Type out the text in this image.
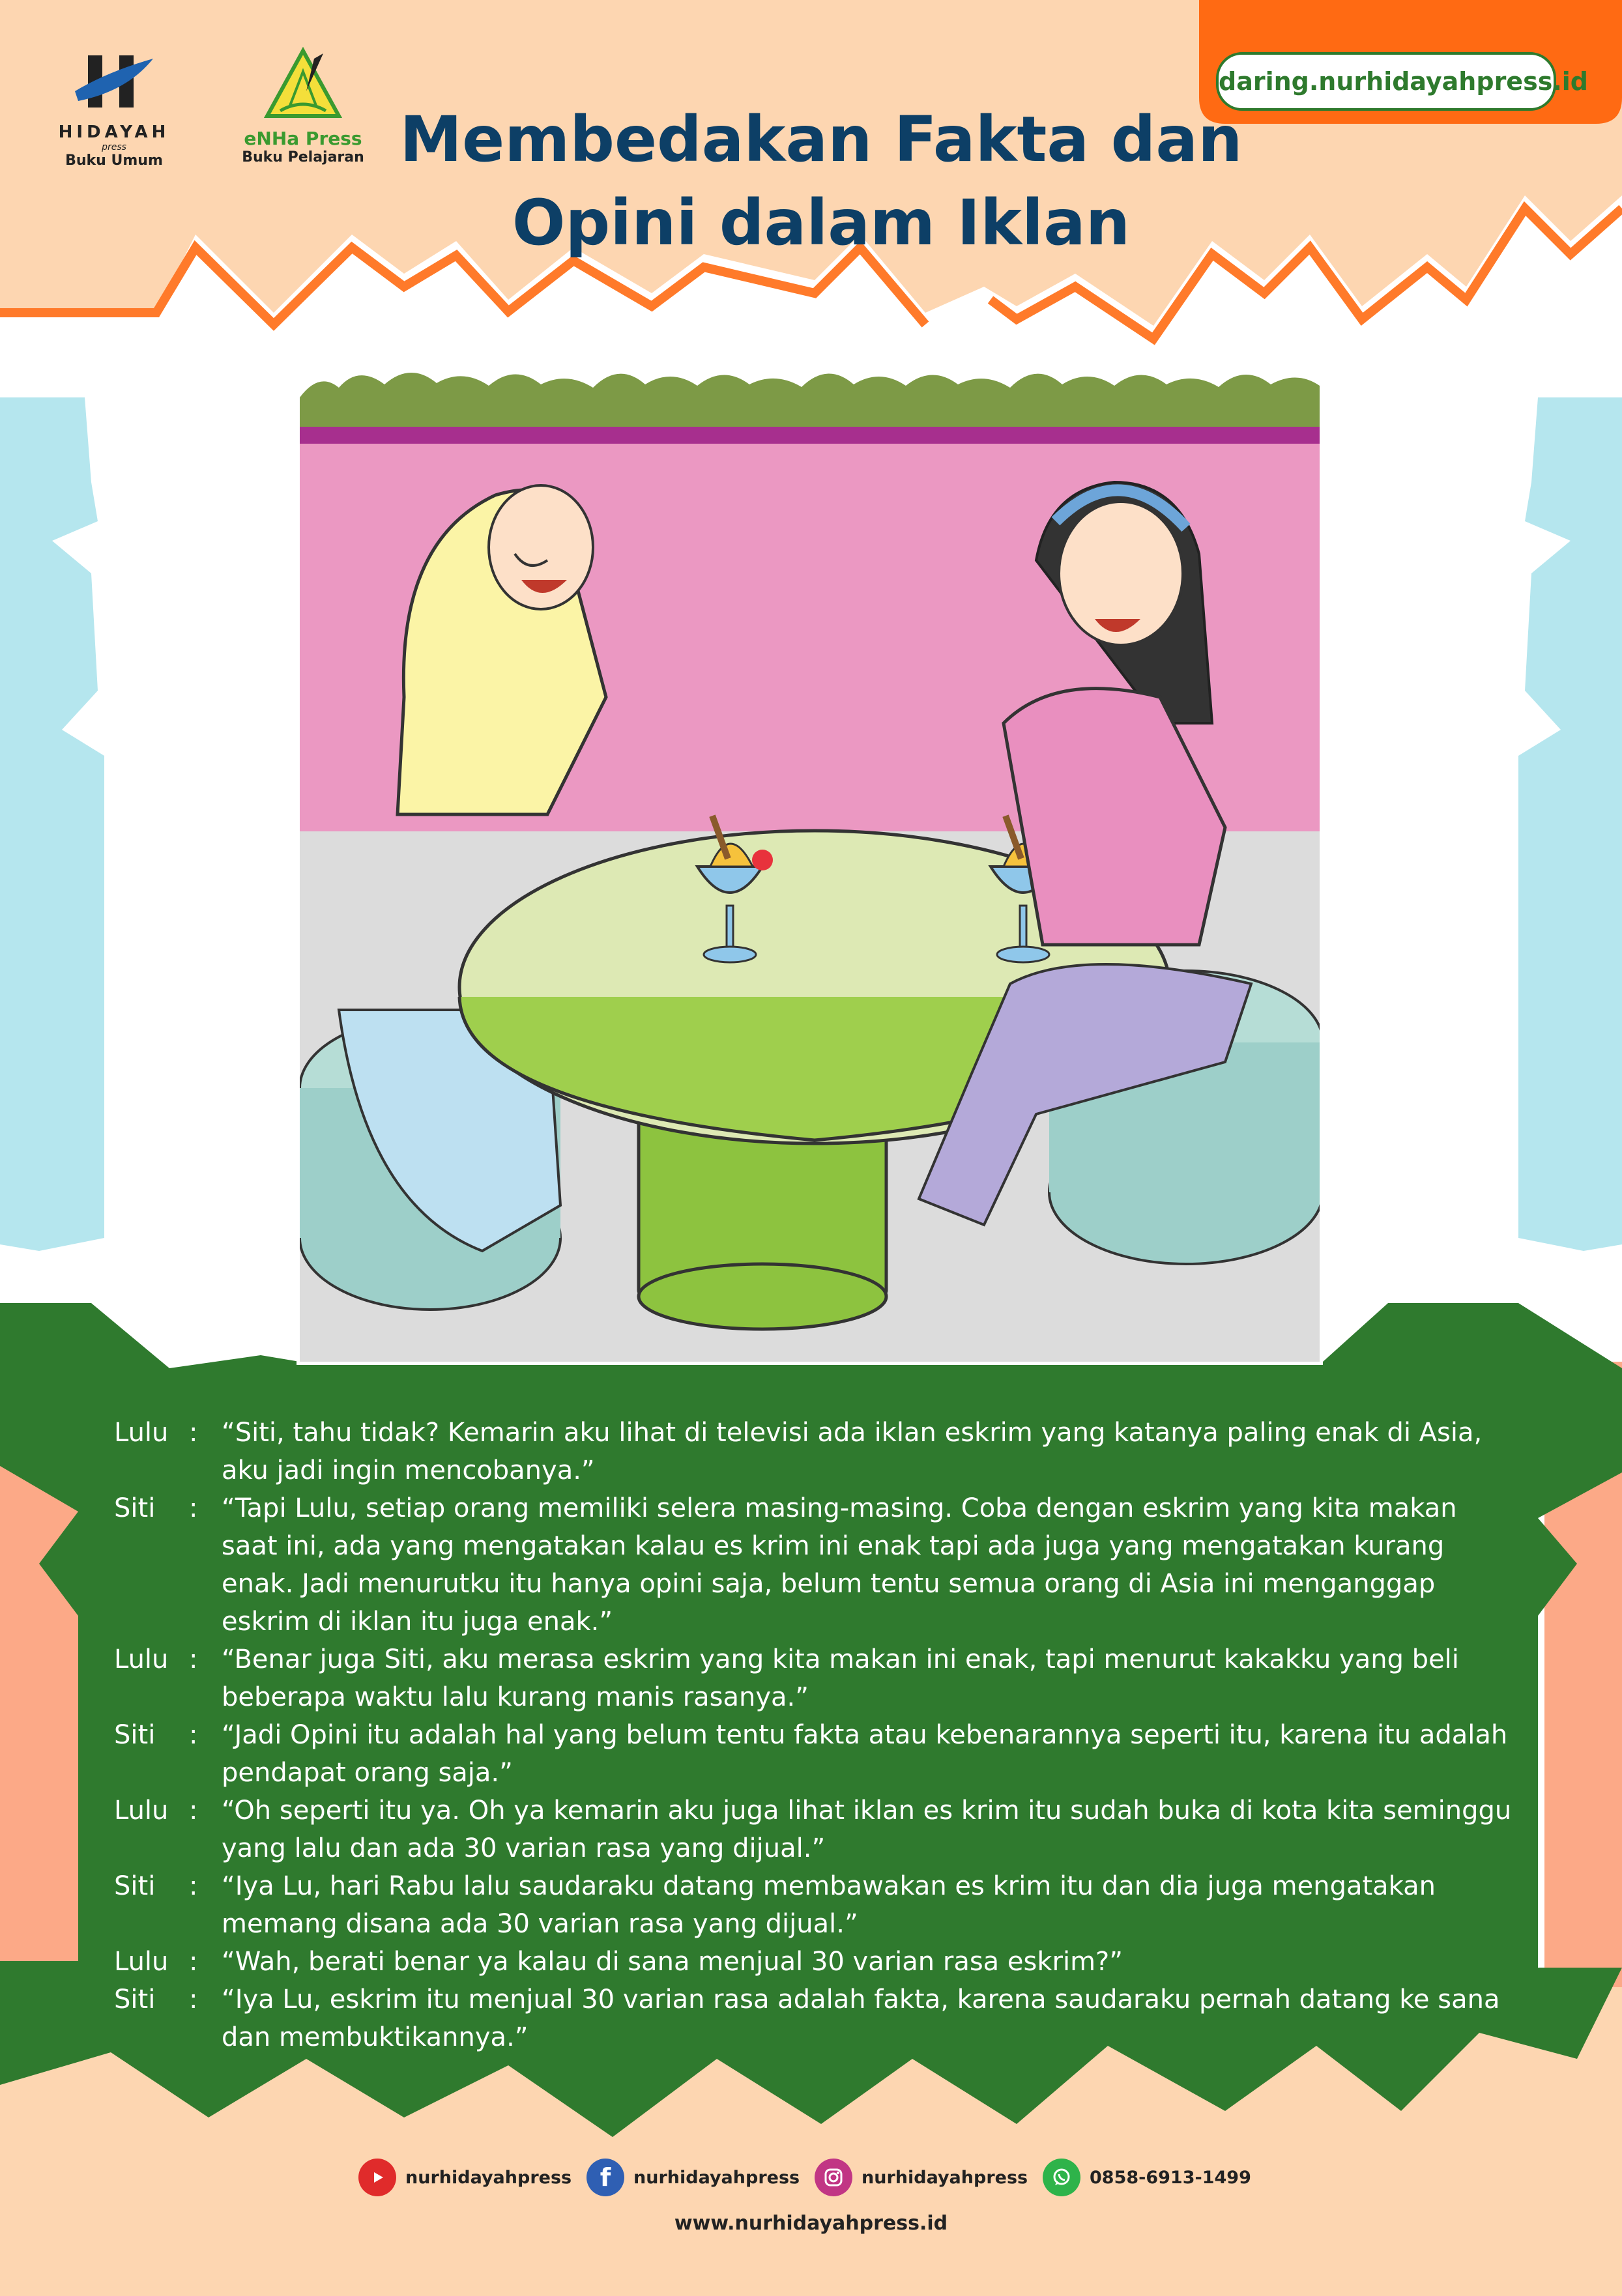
HIDAYAH
press
Buku Umum
eNHa Press
Buku Pelajaran
daring.nurhidayahpress.id
Membedakan Fakta dan
Opini dalam Iklan
Lulu : “Siti, tahu tidak? Kemarin aku lihat di televisi ada iklan eskrim yang katanya paling enak di Asia, aku jadi ingin mencobanya.”
Siti	: “Tapi Lulu, setiap orang memiliki selera masing-masing. Coba dengan eskrim yang kita makan saat ini, ada yang mengatakan kalau es krim ini enak tapi ada juga yang mengatakan kurang enak. Jadi menurutku itu hanya opini saja, belum tentu semua orang di Asia ini menganggap eskrim di iklan itu juga enak.”
Lulu : “Benar juga Siti, aku merasa eskrim yang kita makan ini enak, tapi menurut kakakku yang beli beberapa waktu lalu kurang manis rasanya.”
Siti	: “Jadi Opini itu adalah hal yang belum tentu fakta atau kebenarannya seperti itu, karena itu adalah pendapat orang saja.”
Lulu : “Oh seperti itu ya. Oh ya kemarin aku juga lihat iklan es krim itu sudah buka di kota kita seminggu yang lalu dan ada 30 varian rasa yang dijual.”
Siti	: “Iya Lu, hari Rabu lalu saudaraku datang membawakan es krim itu dan dia juga mengatakan memang disana ada 30 varian rasa yang dijual.”
Lulu : “Wah, berati benar ya kalau di sana menjual 30 varian rasa eskrim?”
Siti	: “Iya Lu, eskrim itu menjual 30 varian rasa adalah fakta, karena saudaraku pernah datang ke sana dan membuktikannya.”
nurhidayahpress	f	nurhidayahpress	nurhidayahpress	0858-6913-1499
www.nurhidayahpress.id
